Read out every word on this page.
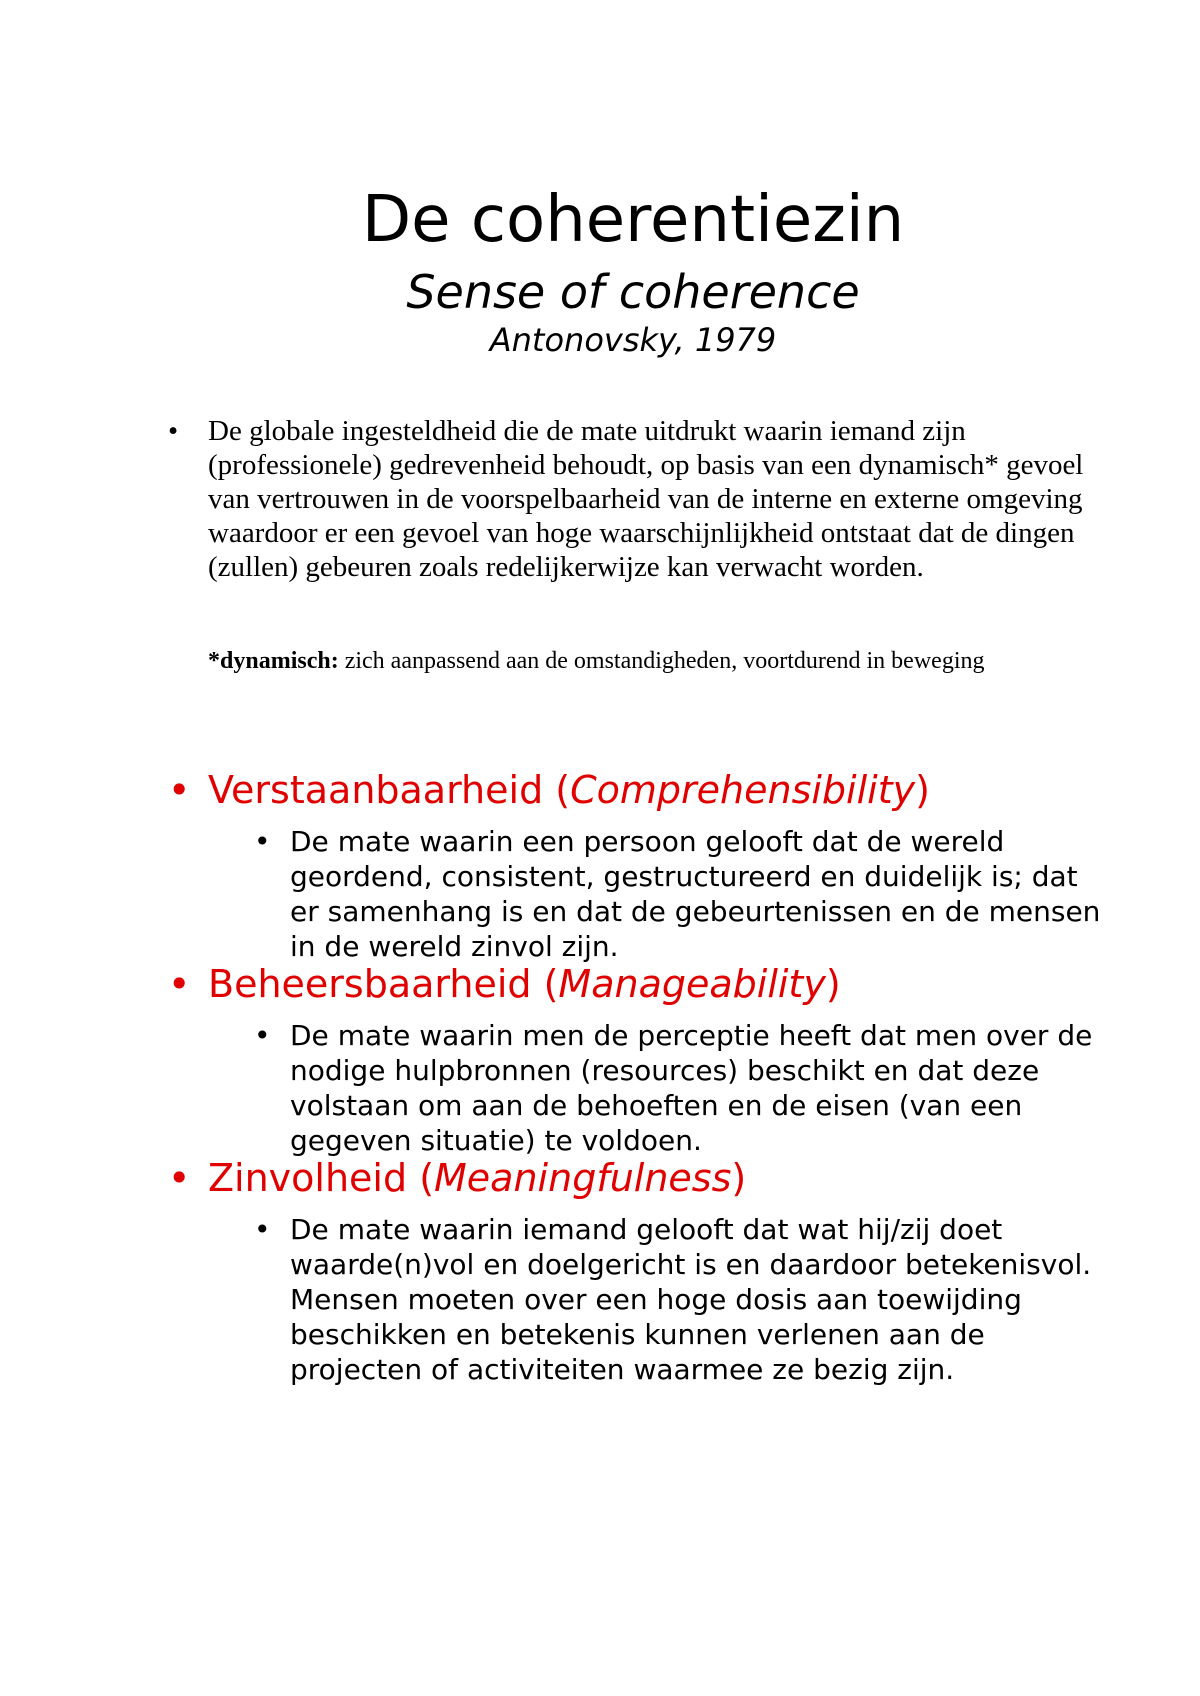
De coherentiezin
Sense of coherence
Antonovsky, 1979
• De globale ingesteldheid die de mate uitdrukt waarin iemand zijn (professionele) gedrevenheid behoudt, op basis van een dynamisch* gevoel van vertrouwen in de voorspelbaarheid van de interne en externe omgeving waardoor er een gevoel van hoge waarschijnlijkheid ontstaat dat de dingen (zullen) gebeuren zoals redelijkerwijze kan verwacht worden.

*dynamisch: zich aanpassend aan de omstandigheden, voortdurend in beweging

• Verstaanbaarheid (Comprehensibility)
• De mate waarin een persoon gelooft dat de wereld geordend, consistent, gestructureerd en duidelijk is; dat er samenhang is en dat de gebeurtenissen en de mensen in de wereld zinvol zijn.

• Beheersbaarheid (Manageability)
• De mate waarin men de perceptie heeft dat men over de nodige hulpbronnen (resources) beschikt en dat deze volstaan om aan de behoeften en de eisen (van een gegeven situatie) te voldoen.

• Zinvolheid (Meaningfulness)
• De mate waarin iemand gelooft dat wat hij/zij doet waarde(n)vol en doelgericht is en daardoor betekenisvol. Mensen moeten over een hoge dosis aan toewijding beschikken en betekenis kunnen verlenen aan de projecten of activiteiten waarmee ze bezig zijn.
